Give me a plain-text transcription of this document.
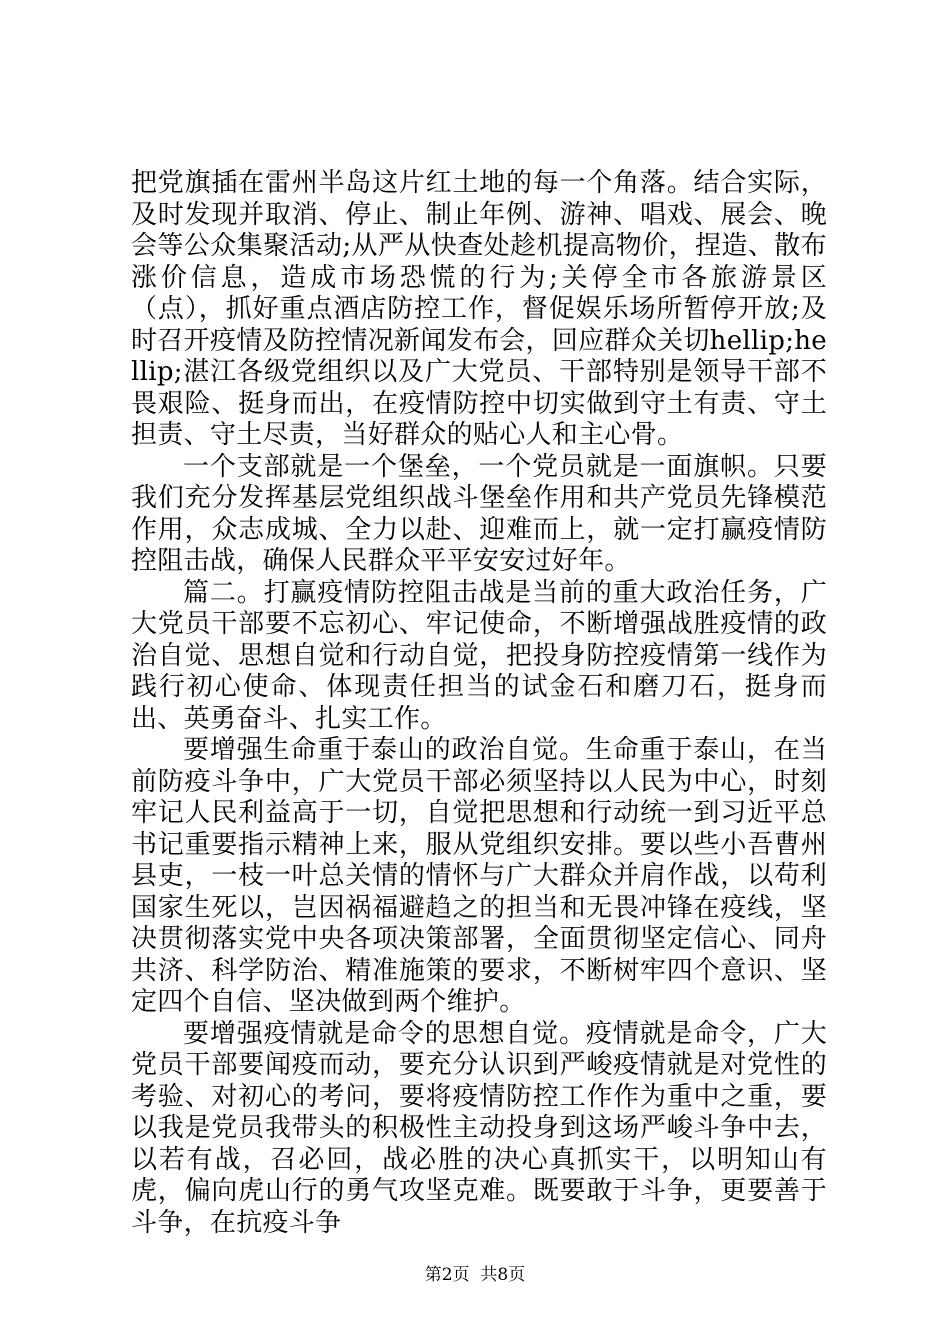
把党旗插在雷州半岛这片红土地的每一个角落。结合实际，及时发现并取消、停止、制止年例、游神、唱戏、展会、晚会等公众集聚活动;从严从快查处趁机提高物价，捏造、散布涨价信息，造成市场恐慌的行为;关停全市各旅游景区（点），抓好重点酒店防控工作，督促娱乐场所暂停开放;及时召开疫情及防控情况新闻发布会，回应群众关切hellip;hellip;湛江各级党组织以及广大党员、干部特别是领导干部不畏艰险、挺身而出，在疫情防控中切实做到守土有责、守土担责、守土尽责，当好群众的贴心人和主心骨。

一个支部就是一个堡垒，一个党员就是一面旗帜。只要我们充分发挥基层党组织战斗堡垒作用和共产党员先锋模范作用，众志成城、全力以赴、迎难而上，就一定打赢疫情防控阻击战，确保人民群众平平安安过好年。

篇二。打赢疫情防控阻击战是当前的重大政治任务，广大党员干部要不忘初心、牢记使命，不断增强战胜疫情的政治自觉、思想自觉和行动自觉，把投身防控疫情第一线作为践行初心使命、体现责任担当的试金石和磨刀石，挺身而出、英勇奋斗、扎实工作。

要增强生命重于泰山的政治自觉。生命重于泰山，在当前防疫斗争中，广大党员干部必须坚持以人民为中心，时刻牢记人民利益高于一切，自觉把思想和行动统一到习近平总书记重要指示精神上来，服从党组织安排。要以些小吾曹州县吏，一枝一叶总关情的情怀与广大群众并肩作战，以苟利国家生死以，岂因祸福避趋之的担当和无畏冲锋在疫线，坚决贯彻落实党中央各项决策部署，全面贯彻坚定信心、同舟共济、科学防治、精准施策的要求，不断树牢四个意识、坚定四个自信、坚决做到两个维护。

要增强疫情就是命令的思想自觉。疫情就是命令，广大党员干部要闻疫而动，要充分认识到严峻疫情就是对党性的考验、对初心的考问，要将疫情防控工作作为重中之重，要以我是党员我带头的积极性主动投身到这场严峻斗争中去，以若有战，召必回，战必胜的决心真抓实干，以明知山有虎，偏向虎山行的勇气攻坚克难。既要敢于斗争，更要善于斗争，在抗疫斗争

第2页  共8页
